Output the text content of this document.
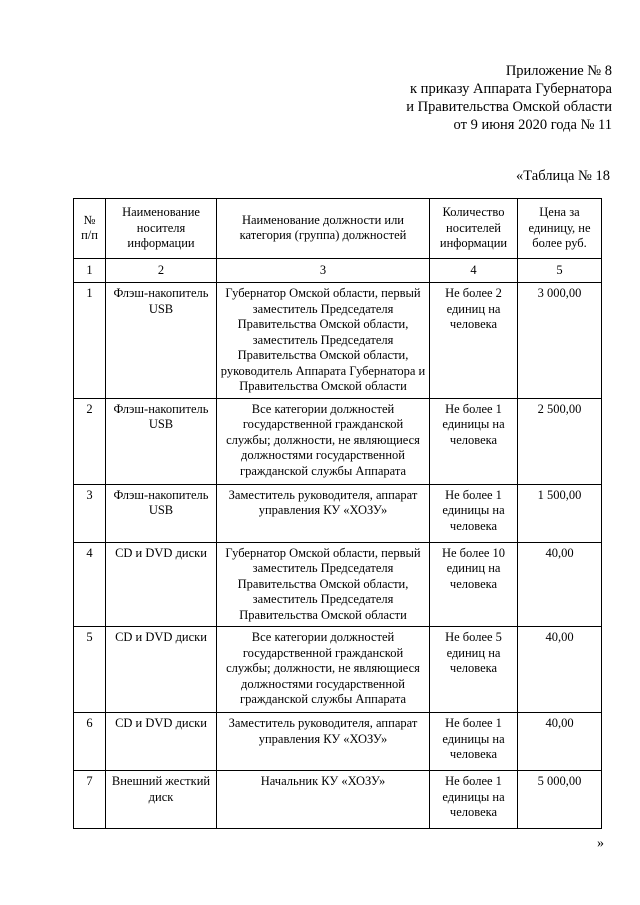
Приложение № 8
к приказу Аппарата Губернатора
и Правительства Омской области
от 9 июня 2020 года № 11
«Таблица № 18
№ п/п	Наименование носителя информации	Наименование должности или категория (группа) должностей	Количество носителей информации	Цена за единицу, не более руб.
1	2	3	4	5
1	Флэш-накопитель USB	Губернатор Омской области, первый заместитель Председателя Правительства Омской области, заместитель Председателя Правительства Омской области, руководитель Аппарата Губернатора и Правительства Омской области	Не более 2 единиц на человека	3 000,00
2	Флэш-накопитель USB	Все категории должностей государственной гражданской службы; должности, не являющиеся должностями государственной гражданской службы Аппарата	Не более 1 единицы на человека	2 500,00
3	Флэш-накопитель USB	Заместитель руководителя, аппарат управления КУ «ХОЗУ»	Не более 1 единицы на человека	1 500,00
4	CD и DVD диски	Губернатор Омской области, первый заместитель Председателя Правительства Омской области, заместитель Председателя Правительства Омской области	Не более 10 единиц на человека	40,00
5	CD и DVD диски	Все категории должностей государственной гражданской службы; должности, не являющиеся должностями государственной гражданской службы Аппарата	Не более 5 единиц на человека	40,00
6	CD и DVD диски	Заместитель руководителя, аппарат управления КУ «ХОЗУ»	Не более 1 единицы на человека	40,00
7	Внешний жесткий диск	Начальник КУ «ХОЗУ»	Не более 1 единицы на человека	5 000,00
»
